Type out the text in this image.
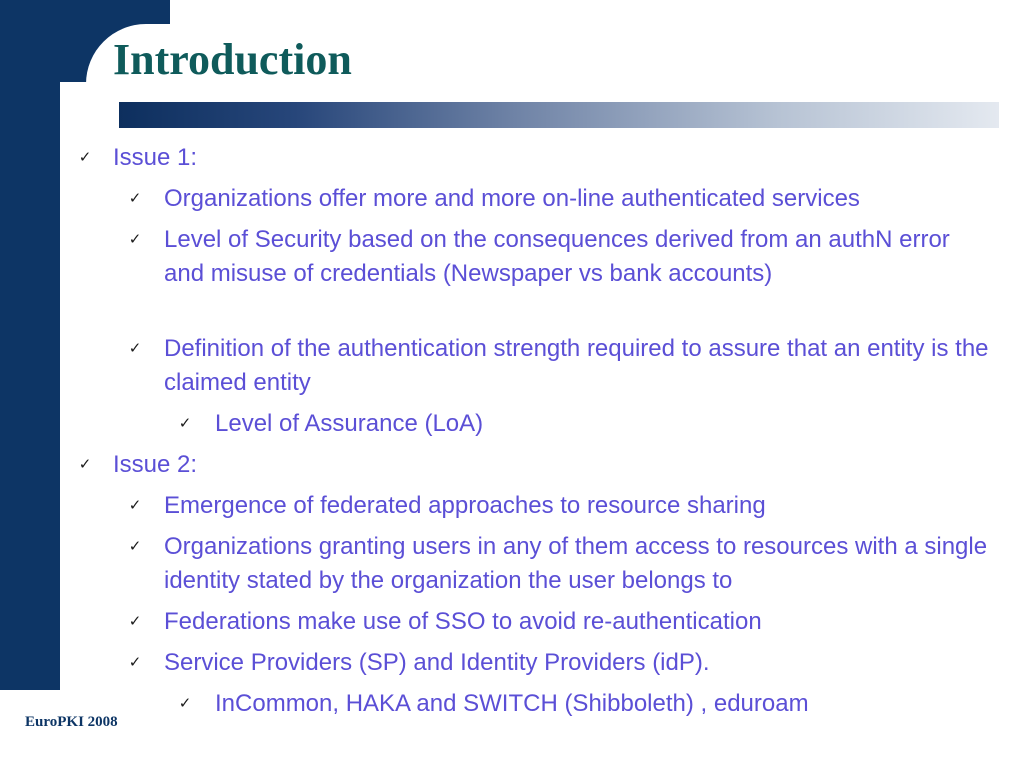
Introduction
✓ Issue 1:
✓ Organizations offer more and more on-line authenticated services
✓ Level of Security based on the consequences derived from an authN error and misuse of credentials (Newspaper vs bank accounts)
✓ Definition of the authentication strength required to assure that an entity is the claimed entity
✓ Level of Assurance (LoA)
✓ Issue 2:
✓ Emergence of federated approaches to resource sharing
✓ Organizations granting users in any of them access to resources with a single identity stated by the organization the user belongs to
✓ Federations make use of SSO to avoid re-authentication
✓ Service Providers (SP) and Identity Providers (idP).
✓ InCommon, HAKA and SWITCH (Shibboleth) , eduroam

EuroPKI 2008
